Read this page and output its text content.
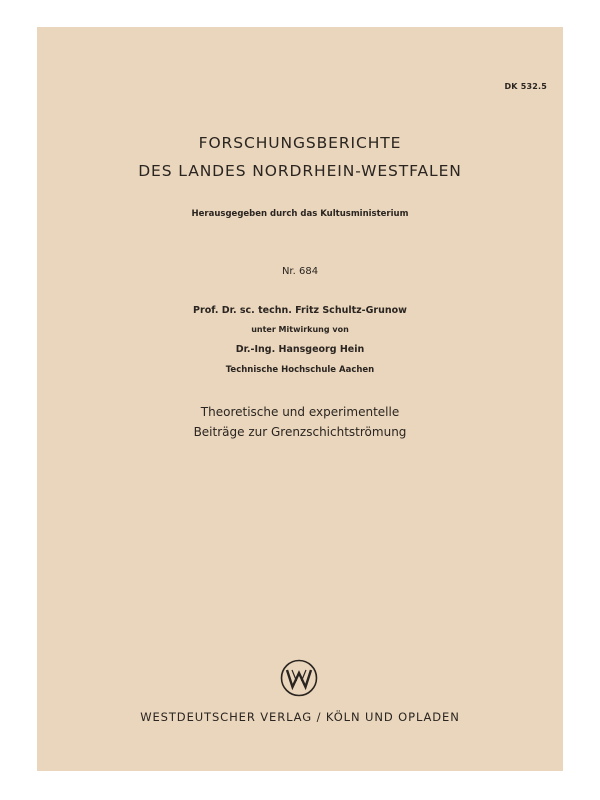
DK 532.5
FORSCHUNGSBERICHTE
DES LANDES NORDRHEIN-WESTFALEN
Herausgegeben durch das Kultusministerium
Nr. 684
Prof. Dr. sc. techn. Fritz Schultz-Grunow
unter Mitwirkung von
Dr.-Ing. Hansgeorg Hein
Technische Hochschule Aachen
Theoretische und experimentelle
Beiträge zur Grenzschichtströmung
WESTDEUTSCHER VERLAG / KÖLN UND OPLADEN
